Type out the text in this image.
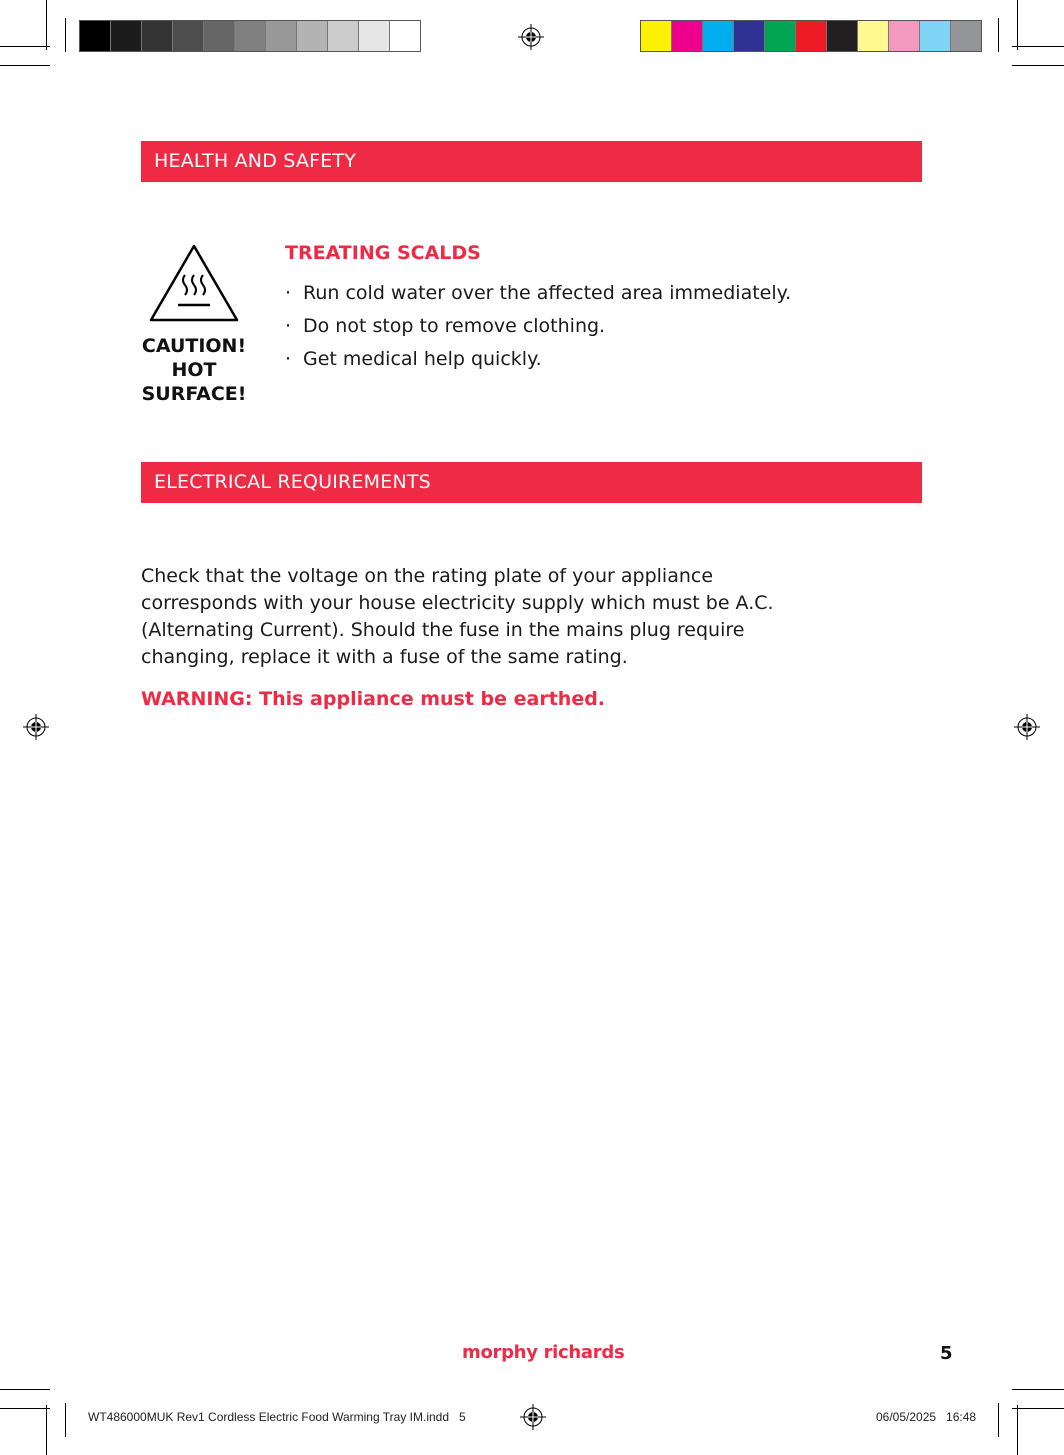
HEALTH AND SAFETY
CAUTION!
HOT
SURFACE!
TREATING SCALDS
· Run cold water over the affected area immediately.
· Do not stop to remove clothing.
· Get medical help quickly.
ELECTRICAL REQUIREMENTS
Check that the voltage on the rating plate of your appliance
corresponds with your house electricity supply which must be A.C.
(Alternating Current). Should the fuse in the mains plug require
changing, replace it with a fuse of the same rating.
WARNING: This appliance must be earthed.
morphy richards	5
WT486000MUK Rev1 Cordless Electric Food Warming Tray IM.indd   5	06/05/2025   16:48
